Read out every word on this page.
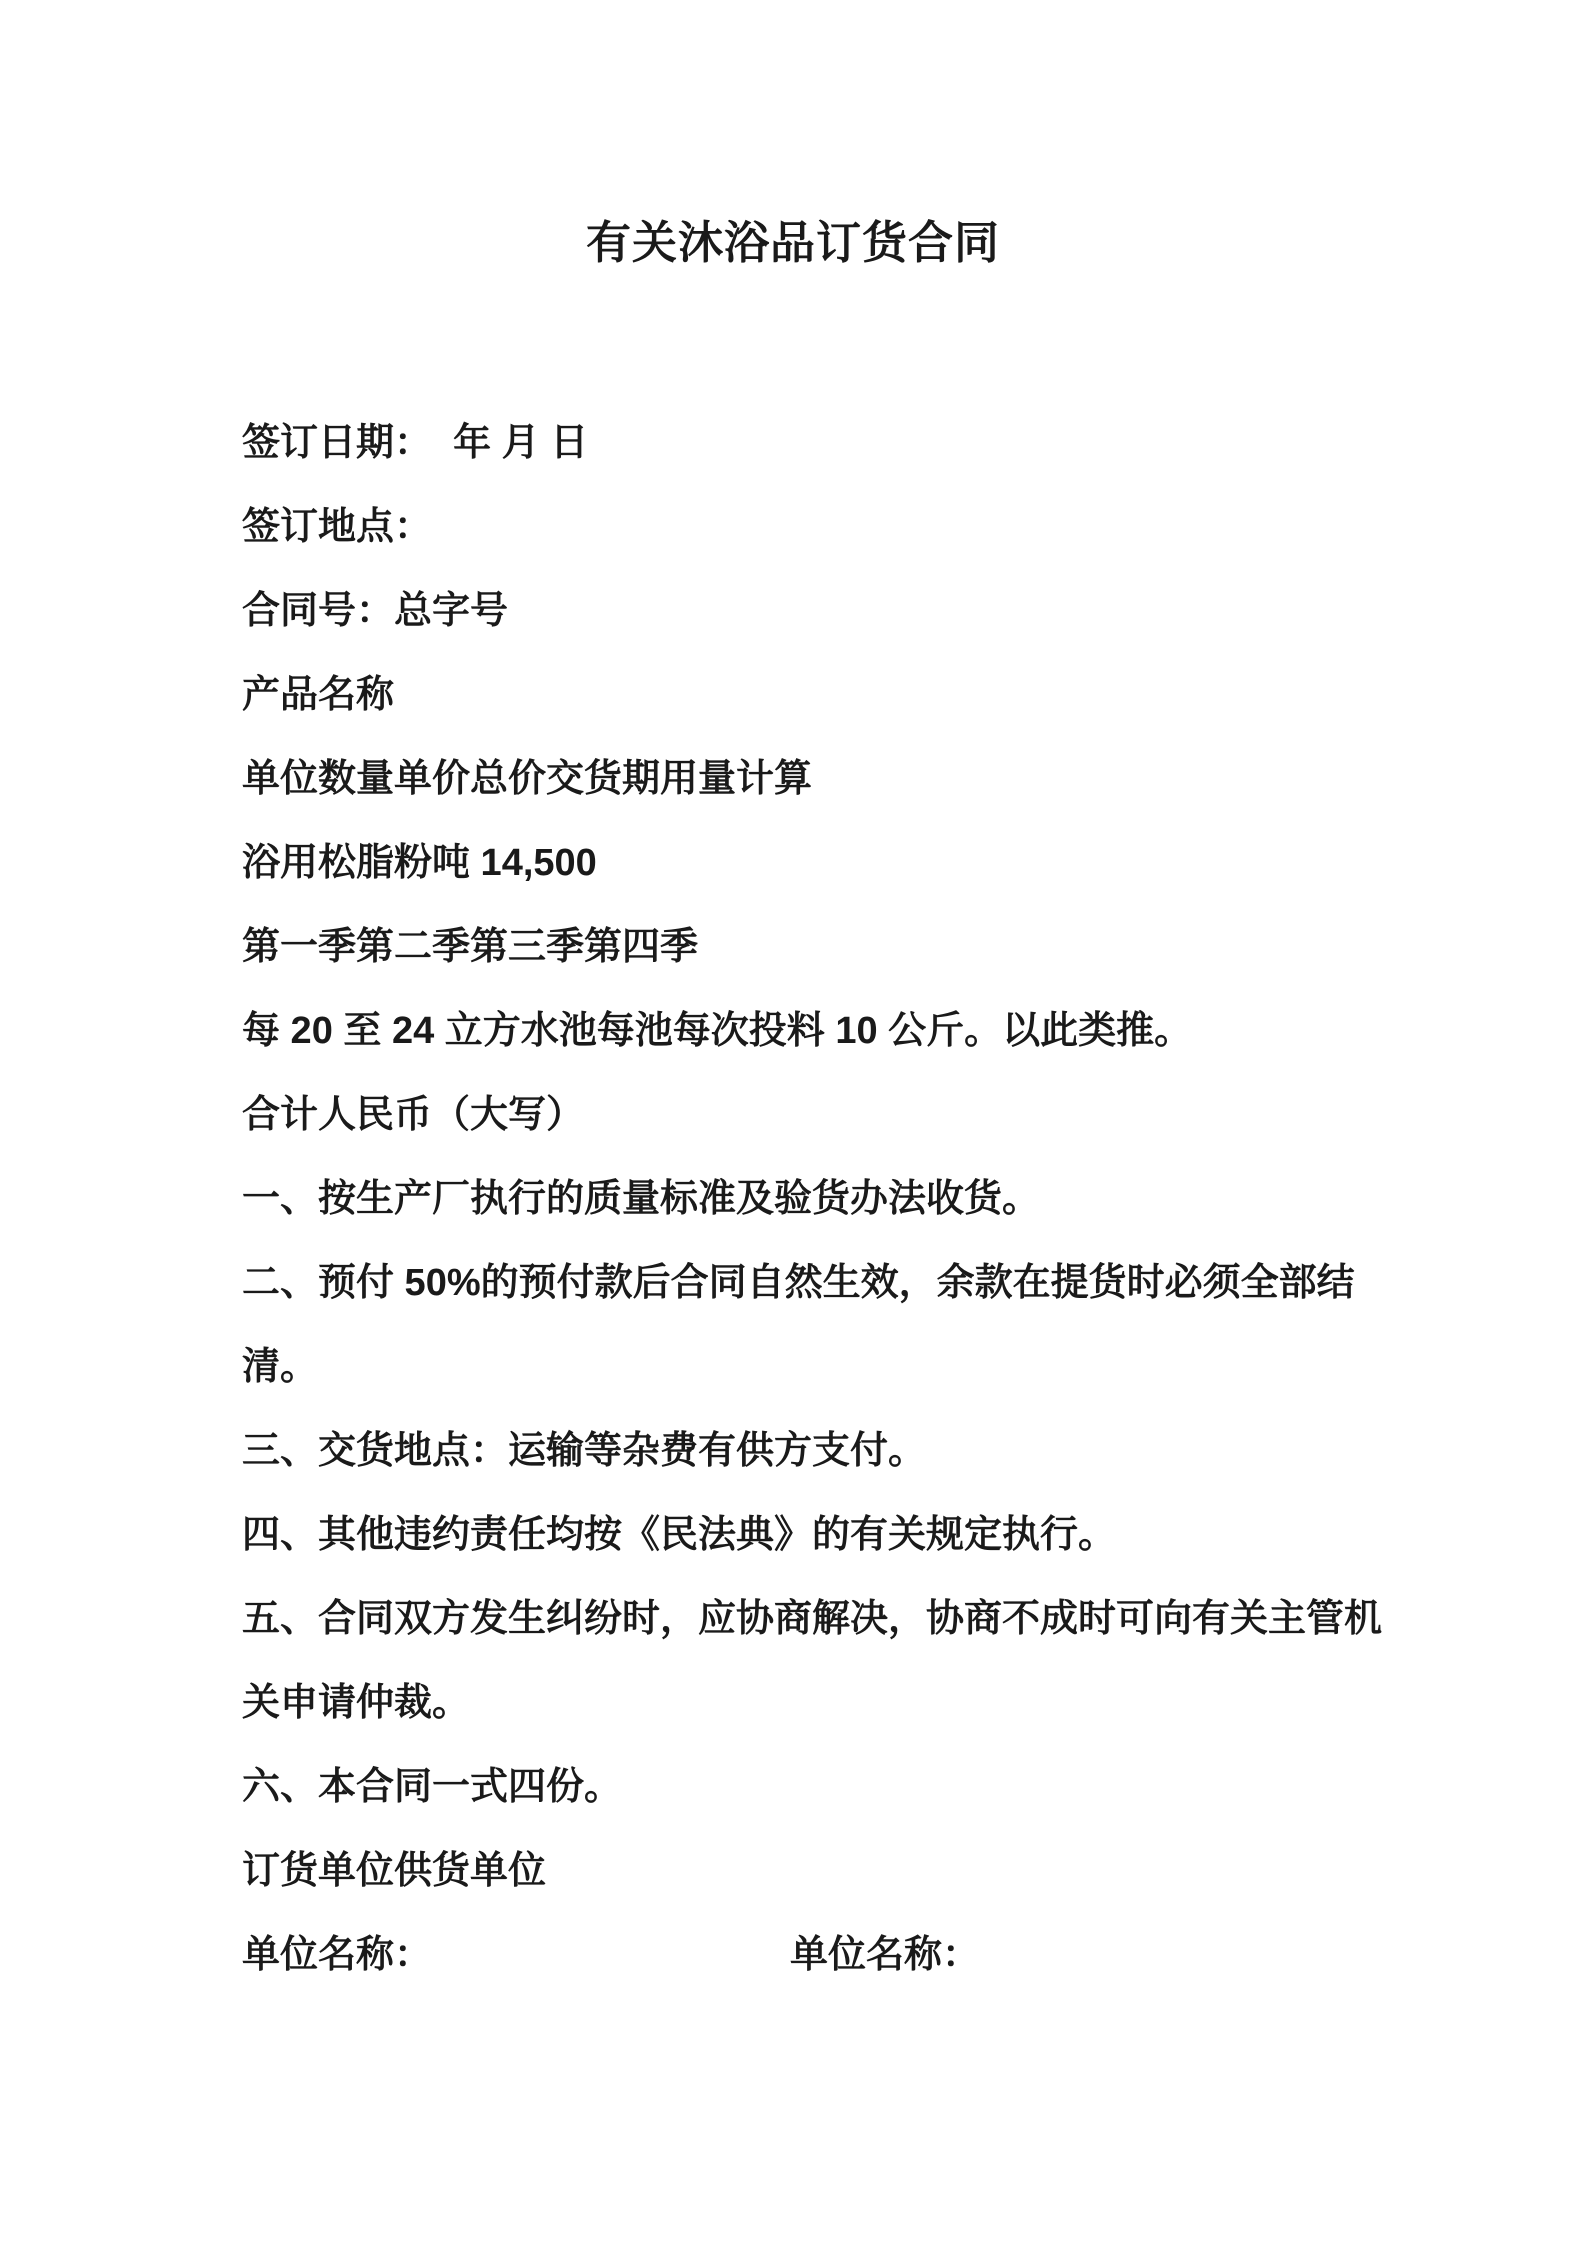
有关沐浴品订货合同
签订日期：  年 月 日
签订地点：
合同号：总字号
产品名称
单位数量单价总价交货期用量计算
浴用松脂粉吨 14,500
第一季第二季第三季第四季
每 20 至 24 立方水池每池每次投料 10 公斤。以此类推。
合计人民币（大写）
一、按生产厂执行的质量标准及验货办法收货。
二、预付 50%的预付款后合同自然生效，余款在提货时必须全部结
清。
三、交货地点：运输等杂费有供方支付。
四、其他违约责任均按《民法典》的有关规定执行。
五、合同双方发生纠纷时，应协商解决，协商不成时可向有关主管机
关申请仲裁。
六、本合同一式四份。
订货单位供货单位
单位名称：	单位名称：
